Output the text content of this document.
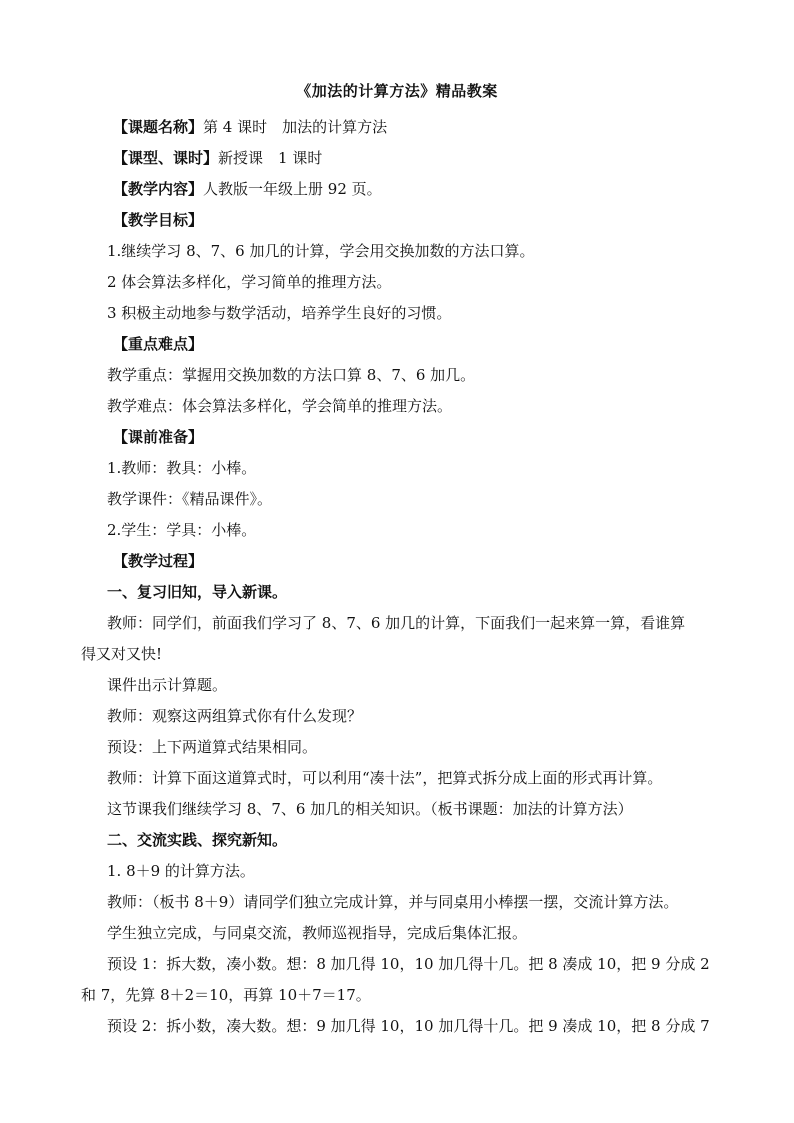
《加法的计算方法》精品教案
【课题名称】第 4 课时　加法的计算方法
【课型、课时】新授课　1 课时
【教学内容】人教版一年级上册 92 页。
【教学目标】
1.继续学习 8、7、6 加几的计算，学会用交换加数的方法口算。
2 体会算法多样化，学习简单的推理方法。
3 积极主动地参与数学活动，培养学生良好的习惯。
【重点难点】
教学重点：掌握用交换加数的方法口算 8、7、6 加几。
教学难点：体会算法多样化，学会简单的推理方法。
【课前准备】
1.教师：教具：小棒。
教学课件：《精品课件》。
2.学生：学具：小棒。
【教学过程】
一、复习旧知，导入新课。
教师：同学们，前面我们学习了 8、7、6 加几的计算，下面我们一起来算一算，看谁算
得又对又快!
课件出示计算题。
教师：观察这两组算式你有什么发现？
预设：上下两道算式结果相同。
教师：计算下面这道算式时，可以利用“凑十法”，把算式拆分成上面的形式再计算。
这节课我们继续学习 8、7、6 加几的相关知识。（板书课题：加法的计算方法）
二、交流实践、探究新知。
1. 8＋9 的计算方法。
教师：（板书 8＋9）请同学们独立完成计算，并与同桌用小棒摆一摆，交流计算方法。
学生独立完成，与同桌交流，教师巡视指导，完成后集体汇报。
预设 1：拆大数，凑小数。想：8 加几得 10，10 加几得十几。把 8 凑成 10，把 9 分成 2
和 7，先算 8＋2＝10，再算 10＋7＝17。
预设 2：拆小数，凑大数。想：9 加几得 10，10 加几得十几。把 9 凑成 10，把 8 分成 7
